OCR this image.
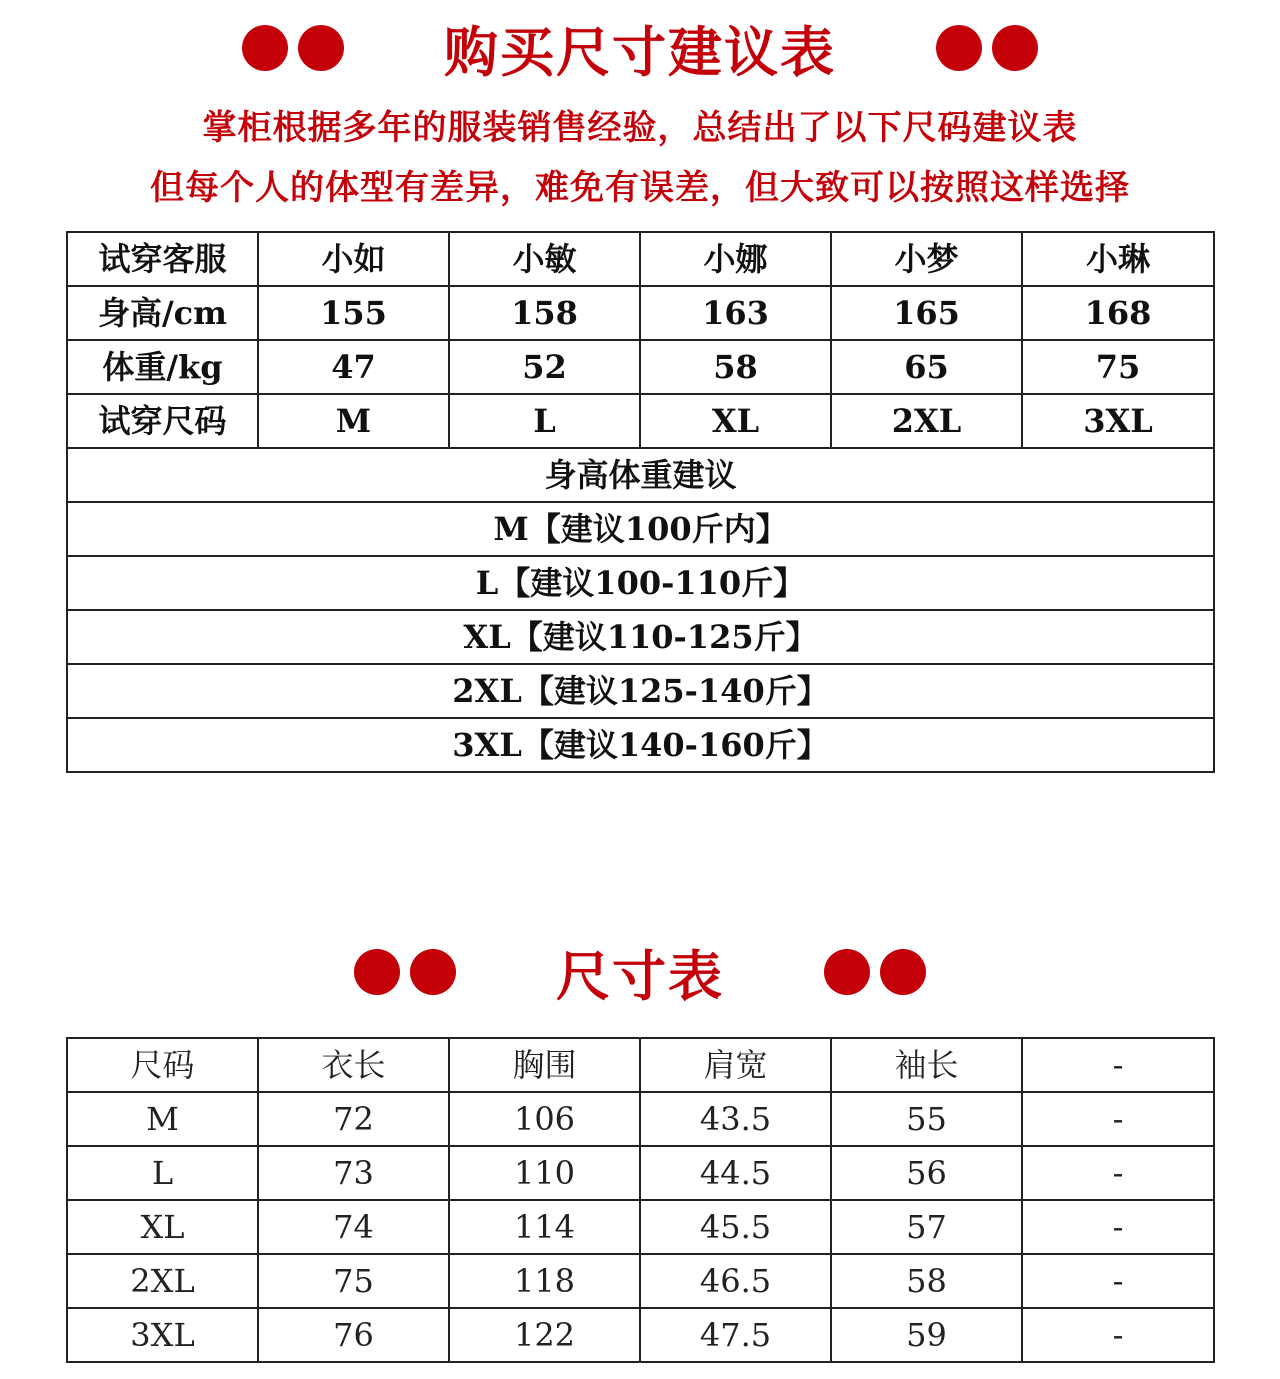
购买尺寸建议表
掌柜根据多年的服装销售经验，总结出了以下尺码建议表
但每个人的体型有差异，难免有误差，但大致可以按照这样选择
试穿客服	小如	小敏	小娜	小梦	小琳
身高/cm	155	158	163	165	168
体重/kg	47	52	58	65	75
试穿尺码	M	L	XL	2XL	3XL
身高体重建议					
M【建议100斤内】					
L【建议100-110斤】					
XL【建议110-125斤】					
2XL【建议125-140斤】					
3XL【建议140-160斤】					
尺寸表
尺码	衣长	胸围	肩宽	袖长	-
M	72	106	43.5	55	-
L	73	110	44.5	56	-
XL	74	114	45.5	57	-
2XL	75	118	46.5	58	-
3XL	76	122	47.5	59	-
